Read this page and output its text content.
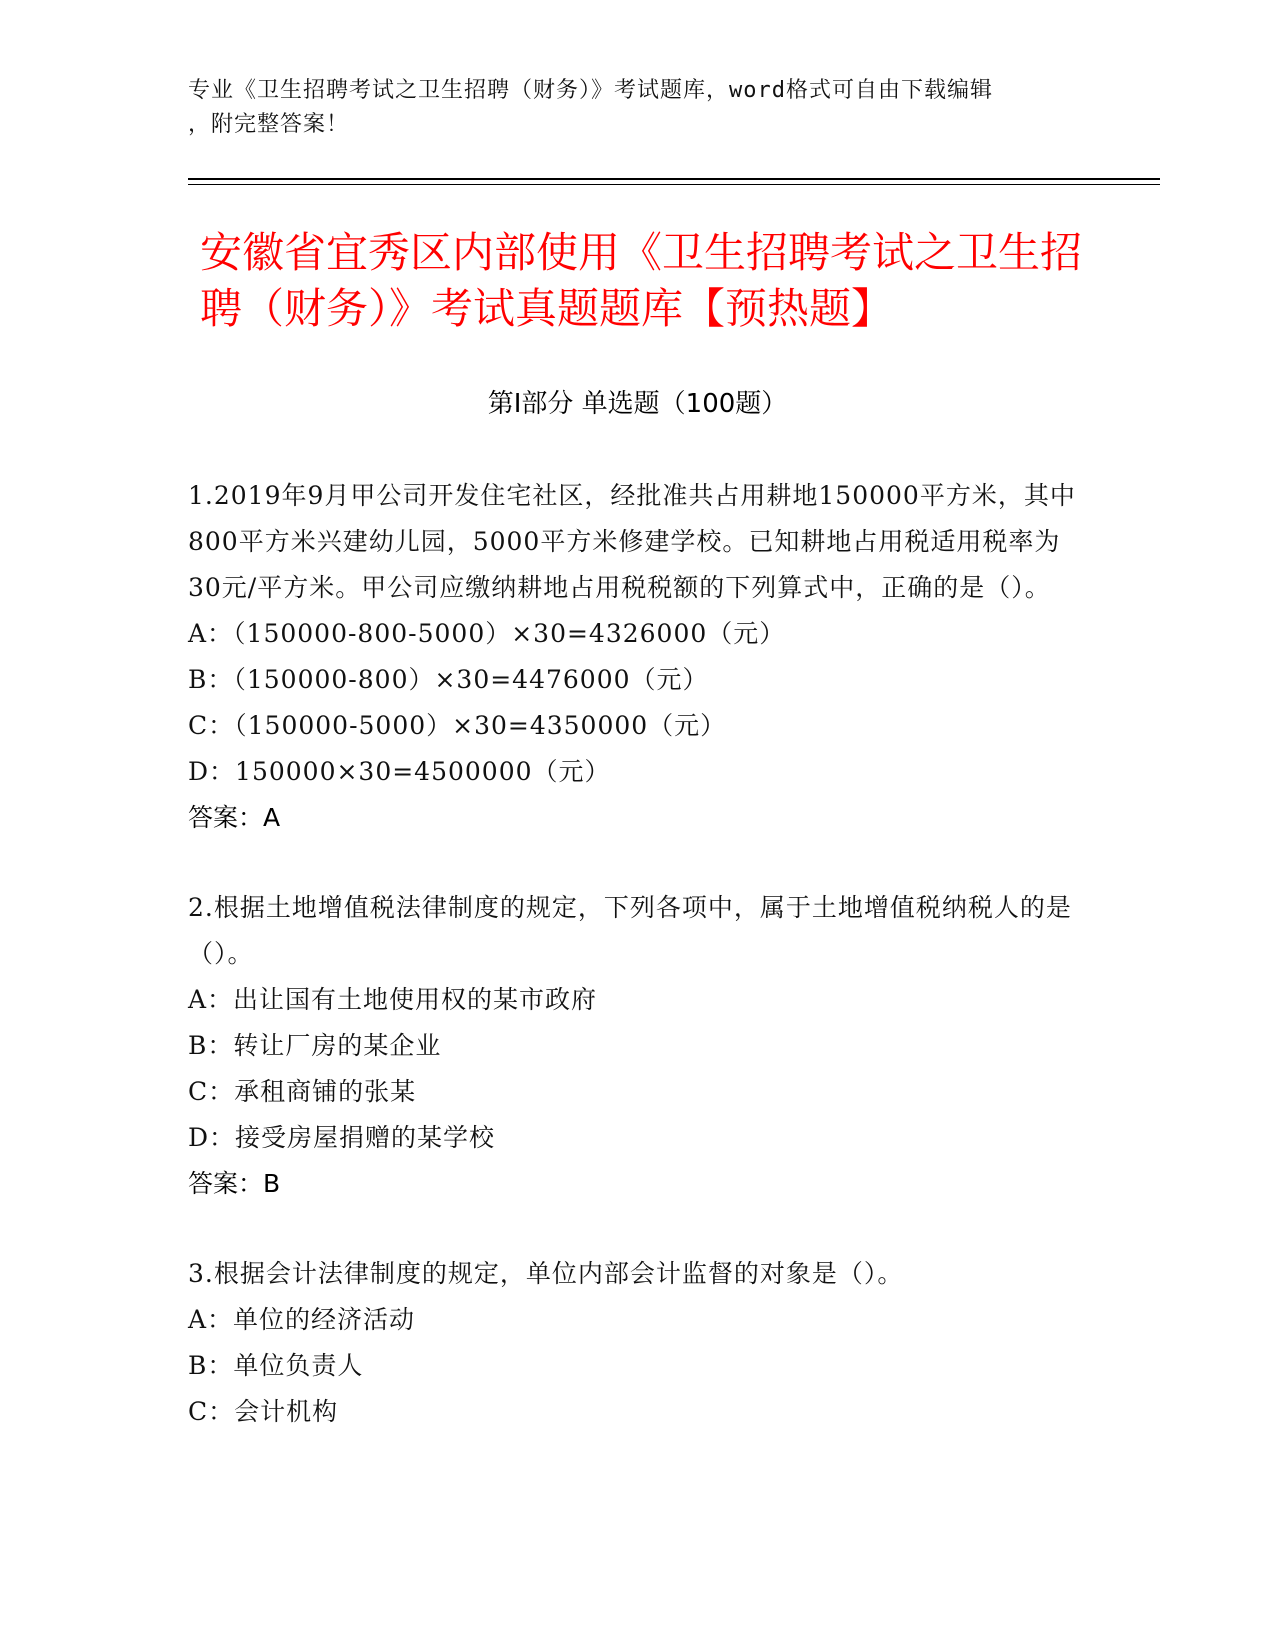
专业《卫生招聘考试之卫生招聘（财务）》考试题库，word格式可自由下载编辑
，附完整答案！
安徽省宜秀区内部使用《卫生招聘考试之卫生招聘（财务）》考试真题题库【预热题】
第Ⅰ部分 单选题（100题）
1.2019年9月甲公司开发住宅社区，经批准共占用耕地150000平方米，其中800平方米兴建幼儿园，5000平方米修建学校。已知耕地占用税适用税率为30元/平方米。甲公司应缴纳耕地占用税税额的下列算式中，正确的是（）。
A：（150000-800-5000）×30=4326000（元）
B：（150000-800）×30=4476000（元）
C：（150000-5000）×30=4350000（元）
D：150000×30=4500000（元）
答案：A
2.根据土地增值税法律制度的规定，下列各项中，属于土地增值税纳税人的是（）。
A：出让国有土地使用权的某市政府
B：转让厂房的某企业
C：承租商铺的张某
D：接受房屋捐赠的某学校
答案：B
3.根据会计法律制度的规定，单位内部会计监督的对象是（）。
A：单位的经济活动
B：单位负责人
C：会计机构
